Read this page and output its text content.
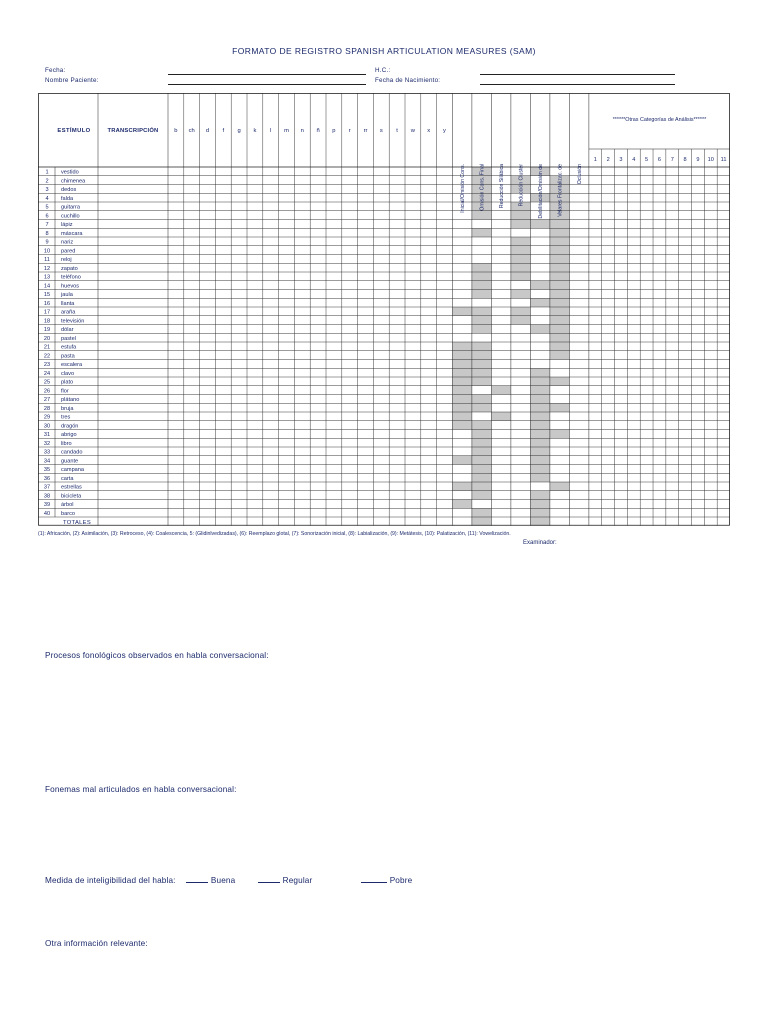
FORMATO DE REGISTRO SPANISH ARTICULATION MEASURES (SAM)
Fecha:
Nombre Paciente:
H.C.:
Fecha de Nacimiento:
ESTÍMULO	TRANSCRIPCIÓN	b ch d f g k l m n ñ p r rr s t w x y
Inicial/Omisión Cons.	Omisión Cons. Final	Reducción Silábica	Reducción Cluster	Debilitación/Omisión de	Velares Frontalizac. de	Oclusión
******Otras Categorías de Análisis******
1 2 3 4 5 6 7 8 9 10 11
1 vestido
2 chimenea
3 dedos
4 falda
5 guitarra
6 cuchillo
7 lápiz
8 máscara
9 nariz
10 pared
11 reloj
12 zapato
13 teléfono
14 huevos
15 jaula
16 llanta
17 araña
18 televisión
19 dólar
20 pastel
21 estufa
22 pasta
23 escalera
24 clavo
25 plato
26 flor
27 plátano
28 bruja
29 tres
30 dragón
31 abrigo
32 libro
33 candado
34 guante
35 campana
36 carta
37 estrellas
38 bicicleta
39 árbol
40 barco
TOTALES
(1): Africación, (2): Asimilación, (3): Retroceso, (4): Coalescencia, 5: (Glidinlvedizadas), (6): Reemplazo glotal, (7): Sonorización inicial, (8): Labialización, (9): Metátesis, (10): Palatización, (11): Vowelización.
Examinador:
Procesos fonológicos observados en habla conversacional:
Fonemas mal articulados en habla conversacional:
Medida de inteligibilidad del habla:	Buena	Regular	Pobre
Otra información relevante:
